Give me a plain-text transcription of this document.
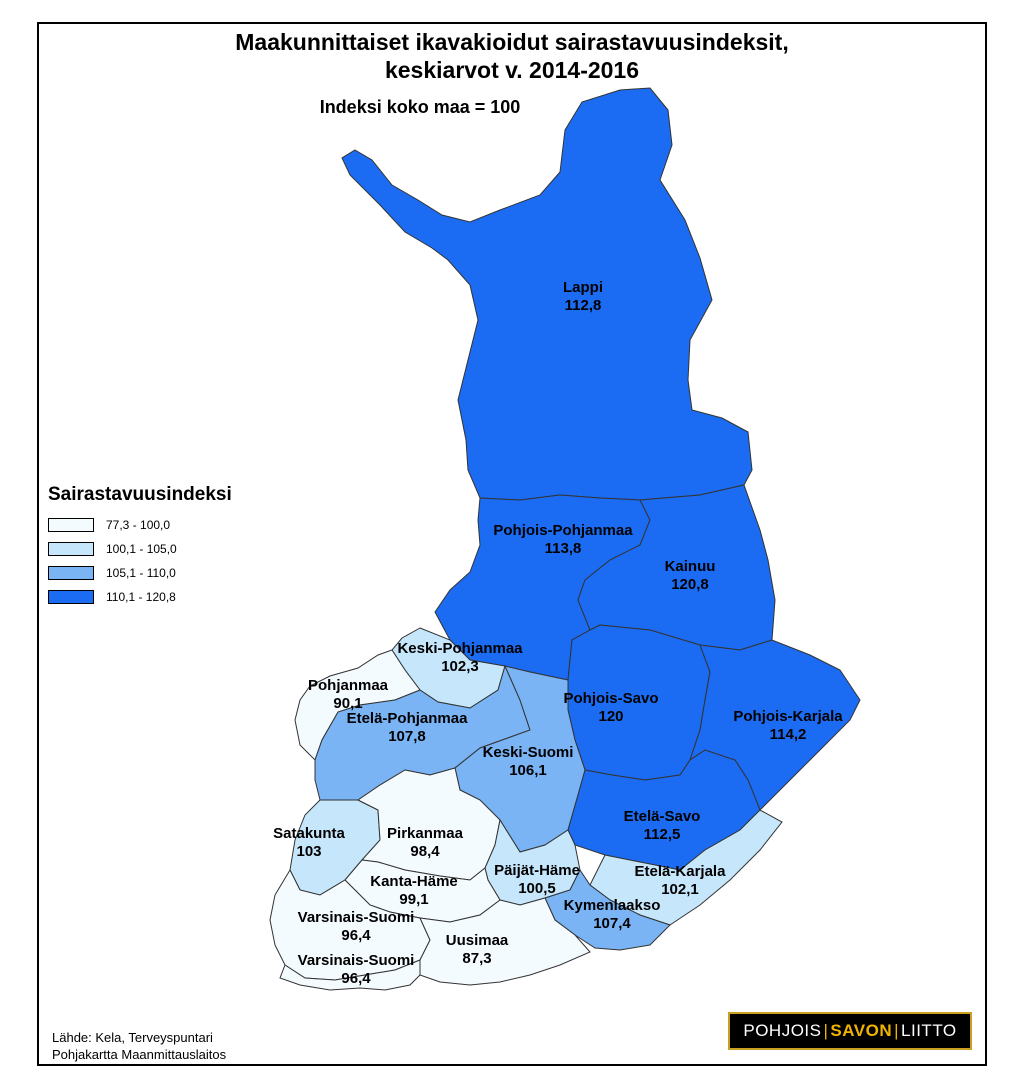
Maakunnittaiset ikavakioidut sairastavuusindeksit,
keskiarvot v. 2014-2016
Indeksi koko maa = 100
Lappi
112,8
Pohjois-Pohjanmaa
113,8
Kainuu
120,8
Keski-Pohjanmaa
102,3
Pohjanmaa
90,1
Etelä-Pohjanmaa
107,8
Pohjois-Savo
120	Pohjois-Karjala
114,2
Keski-Suomi
106,1
Etelä-Savo
112,5
Satakunta
103
Pirkanmaa
98,4
Päijät-Häme
100,5
Etelä-Karjala
102,1
Kanta-Häme
99,1	Kymenlaakso
107,4
Varsinais-Suomi
96,4	Uusimaa
87,3
Varsinais-Suomi
96,4
Sairastavuusindeksi
77,3 - 100,0
100,1 - 105,0
105,1 - 110,0
110,1 - 120,8
Lähde: Kela, Terveyspuntari
Pohjakartta Maanmittauslaitos
POHJOIS | SAVON | LIITTO
